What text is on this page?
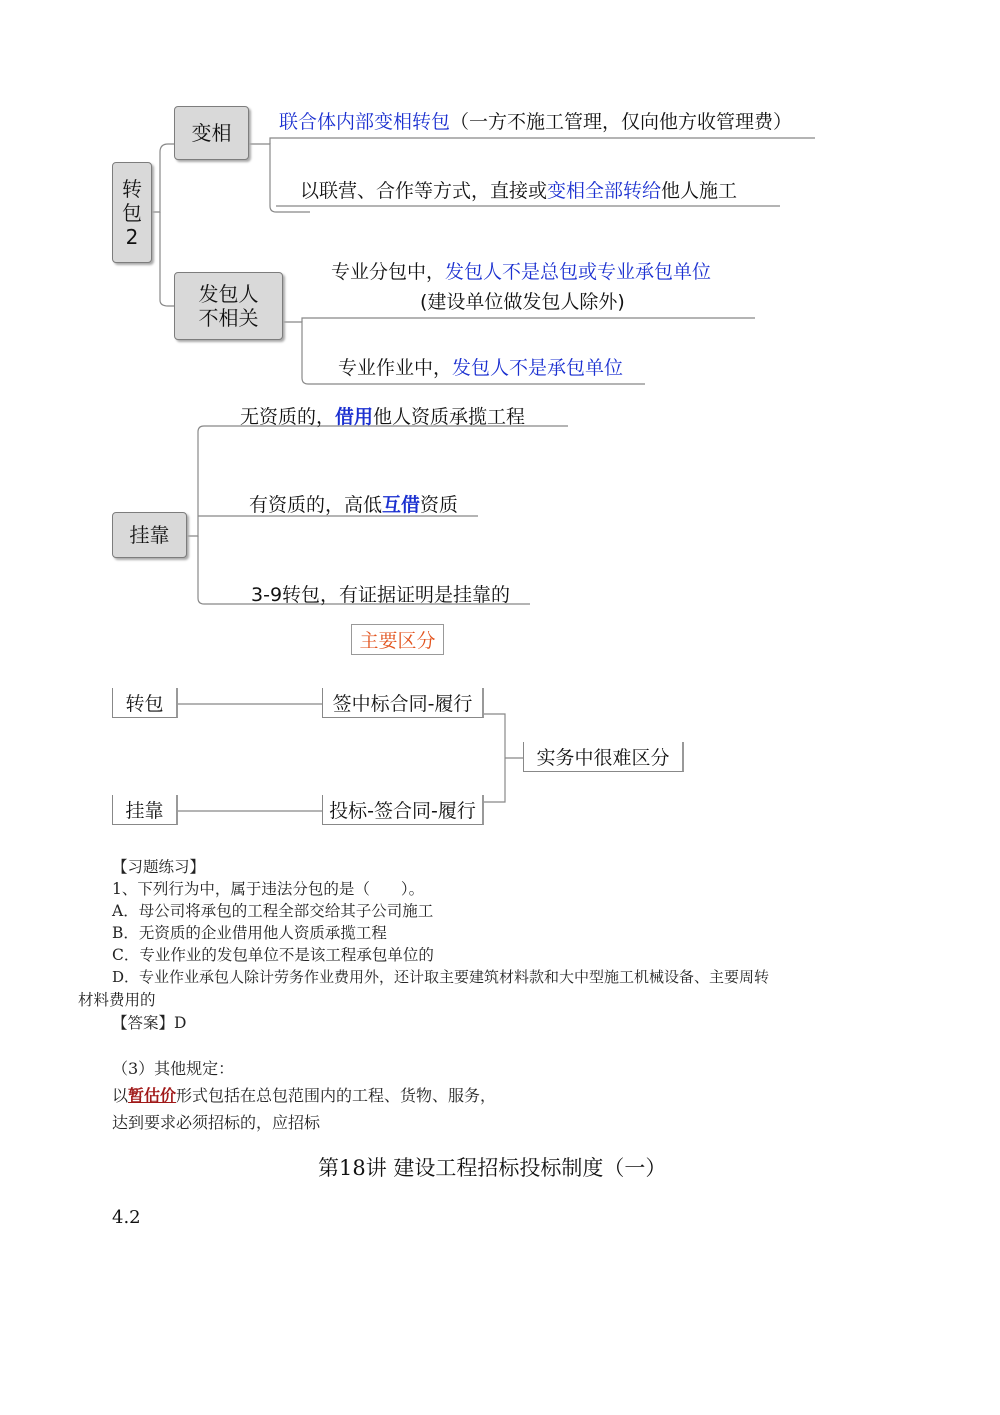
转
包
2
变相	联合体内部变相转包（一方不施工管理，仅向他方收管理费）
以联营、合作等方式，直接或变相全部转给他人施工
发包人
不相关
专业分包中，发包人不是总包或专业承包单位
(建设单位做发包人除外)
专业作业中，发包人不是承包单位
挂靠
无资质的，借用他人资质承揽工程
有资质的，高低互借资质
3-9转包，有证据证明是挂靠的
主要区分
转包
挂靠
签中标合同-履行
投标-签合同-履行
实务中很难区分
【习题练习】
1、下列行为中，属于违法分包的是（　　）。
A．母公司将承包的工程全部交给其子公司施工
B．无资质的企业借用他人资质承揽工程
C．专业作业的发包单位不是该工程承包单位的
D．专业作业承包人除计劳务作业费用外，还计取主要建筑材料款和大中型施工机械设备、主要周转
材料费用的
【答案】D
（3）其他规定：
以暂估价形式包括在总包范围内的工程、货物、服务，
达到要求必须招标的，应招标
第18讲 建设工程招标投标制度（一）
4.2
